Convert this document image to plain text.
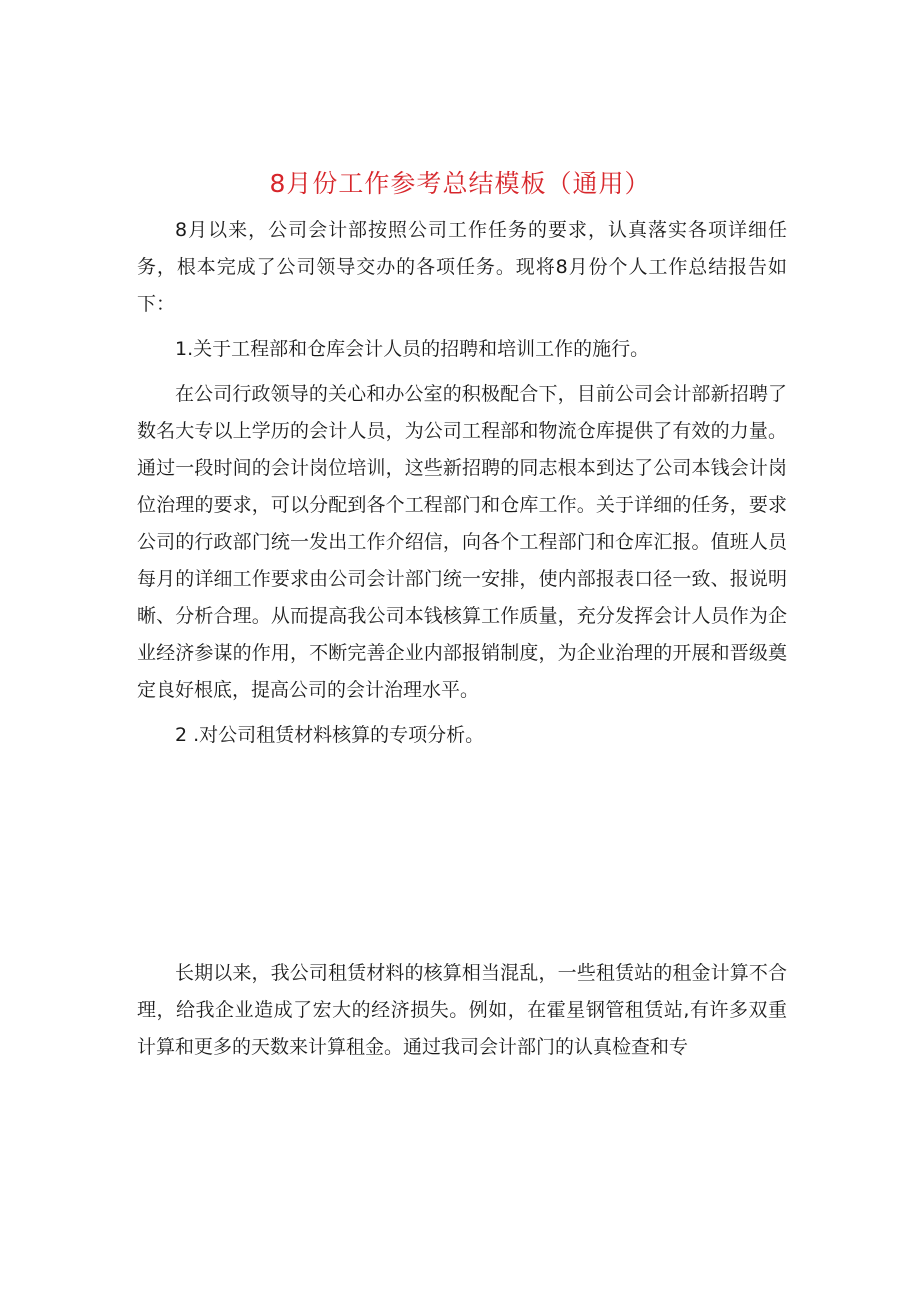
8月份工作参考总结模板（通用）

8月以来，公司会计部按照公司工作任务的要求，认真落实各项详细任务，根本完成了公司领导交办的各项任务。现将8月份个人工作总结报告如下：

1.关于工程部和仓库会计人员的招聘和培训工作的施行。

在公司行政领导的关心和办公室的积极配合下，目前公司会计部新招聘了数名大专以上学历的会计人员，为公司工程部和物流仓库提供了有效的力量。通过一段时间的会计岗位培训，这些新招聘的同志根本到达了公司本钱会计岗位治理的要求，可以分配到各个工程部门和仓库工作。关于详细的任务，要求公司的行政部门统一发出工作介绍信，向各个工程部门和仓库汇报。值班人员每月的详细工作要求由公司会计部门统一安排，使内部报表口径一致、报说明晰、分析合理。从而提高我公司本钱核算工作质量，充分发挥会计人员作为企业经济参谋的作用，不断完善企业内部报销制度，为企业治理的开展和晋级奠定良好根底，提高公司的会计治理水平。

2 .对公司租赁材料核算的专项分析。

长期以来，我公司租赁材料的核算相当混乱，一些租赁站的租金计算不合理，给我企业造成了宏大的经济损失。例如，在霍星钢管租赁站,有许多双重计算和更多的天数来计算租金。通过我司会计部门的认真检查和专
